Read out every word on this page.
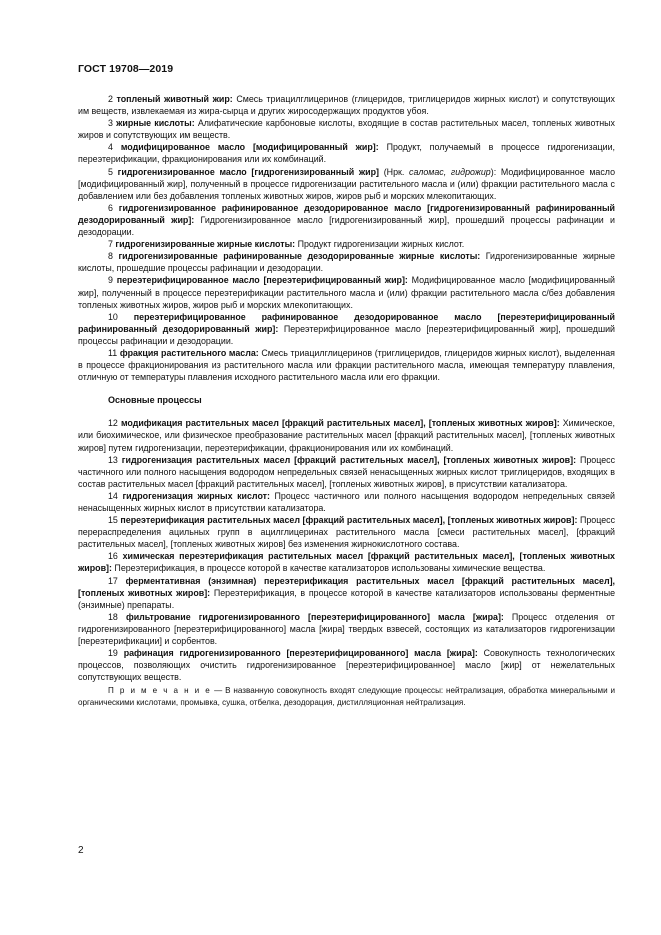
ГОСТ 19708—2019

2 топленый животный жир: Смесь триацилглицеринов (глицеридов, триглицеридов жирных кислот) и сопутствующих им веществ, извлекаемая из жира-сырца и других жиросодержащих продуктов убоя.

3 жирные кислоты: Алифатические карбоновые кислоты, входящие в состав растительных масел, топленых животных жиров и сопутствующих им веществ.

4 модифицированное масло [модифицированный жир]: Продукт, получаемый в процессе гидрогенизации, переэтерификации, фракционирования или их комбинаций.

5 гидрогенизированное масло [гидрогенизированный жир] (Нрк. саломас, гидрожир): Модифицированное масло [модифицированный жир], полученный в процессе гидрогенизации растительного масла и (или) фракции растительного масла с добавлением или без добавления топленых животных жиров, жиров рыб и морских млекопитающих.

6 гидрогенизированное рафинированное дезодорированное масло [гидрогенизированный рафинированный дезодорированный жир]: Гидрогенизированное масло [гидрогенизированный жир], прошедший процессы рафинации и дезодорации.

7 гидрогенизированные жирные кислоты: Продукт гидрогенизации жирных кислот.

8 гидрогенизированные рафинированные дезодорированные жирные кислоты: Гидрогенизированные жирные кислоты, прошедшие процессы рафинации и дезодорации.

9 переэтерифицированное масло [переэтерифицированный жир]: Модифицированное масло [модифицированный жир], полученный в процессе переэтерификации растительного масла и (или) фракции растительного масла с/без добавления топленых животных жиров, жиров рыб и морских млекопитающих.

10 переэтерифицированное рафинированное дезодорированное масло [переэтерифицированный рафинированный дезодорированный жир]: Переэтерифицированное масло [переэтерифицированный жир], прошедший процессы рафинации и дезодорации.

11 фракция растительного масла: Смесь триацилглицеринов (триглицеридов, глицеридов жирных кислот), выделенная в процессе фракционирования из растительного масла или фракции растительного масла, имеющая температуру плавления, отличную от температуры плавления исходного растительного масла или его фракции.

Основные процессы

12 модификация растительных масел [фракций растительных масел], [топленых животных жиров]: Химическое, или биохимическое, или физическое преобразование растительных масел [фракций растительных масел], [топленых животных жиров] путем гидрогенизации, переэтерификации, фракционирования или их комбинаций.

13 гидрогенизация растительных масел [фракций растительных масел], [топленых животных жиров]: Процесс частичного или полного насыщения водородом непредельных связей ненасыщенных жирных кислот триглицеридов, входящих в состав растительных масел [фракций растительных масел], [топленых животных жиров], в присутствии катализатора.

14 гидрогенизация жирных кислот: Процесс частичного или полного насыщения водородом непредельных связей ненасыщенных жирных кислот в присутствии катализатора.

15 переэтерификация растительных масел [фракций растительных масел], [топленых животных жиров]: Процесс перераспределения ацильных групп в ацилглицеринах растительного масла [смеси растительных масел], [фракций растительных масел], [топленых животных жиров] без изменения жирнокислотного состава.

16 химическая переэтерификация растительных масел [фракций растительных масел], [топленых животных жиров]: Переэтерификация, в процессе которой в качестве катализаторов использованы химические вещества.

17 ферментативная (энзимная) переэтерификация растительных масел [фракций растительных масел], [топленых животных жиров]: Переэтерификация, в процессе которой в качестве катализаторов использованы ферментные (энзимные) препараты.

18 фильтрование гидрогенизированного [переэтерифицированного] масла [жира]: Процесс отделения от гидрогенизированного [переэтерифицированного] масла [жира] твердых взвесей, состоящих из катализаторов гидрогенизации [переэтерификации] и сорбентов.

19 рафинация гидрогенизированного [переэтерифицированного] масла [жира]: Совокупность технологических процессов, позволяющих очистить гидрогенизированное [переэтерифицированное] масло [жир] от нежелательных сопутствующих веществ.

П р и м е ч а н и е — В названную совокупность входят следующие процессы: нейтрализация, обработка минеральными и органическими кислотами, промывка, сушка, отбелка, дезодорация, дистилляционная нейтрализация.

2
